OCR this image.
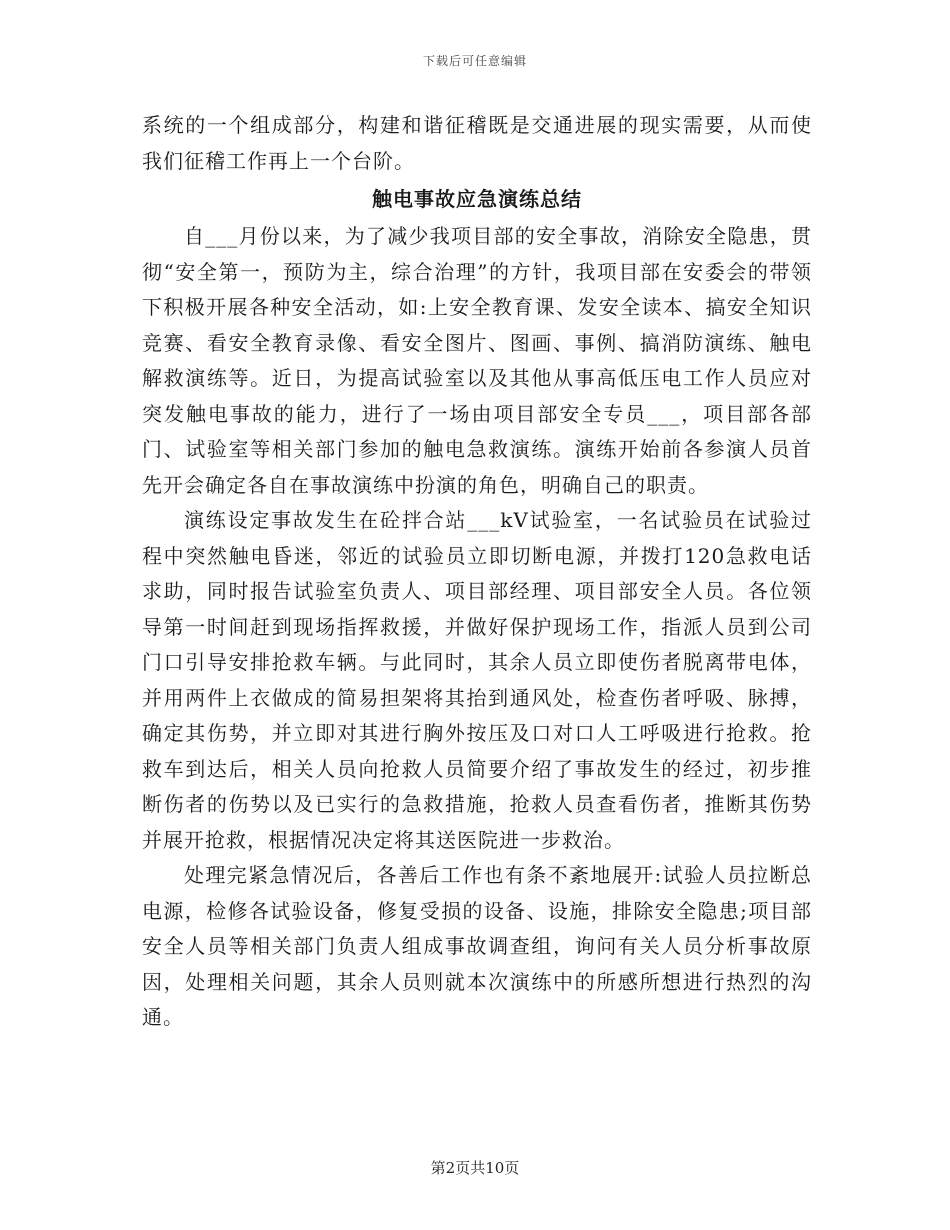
下载后可任意编辑

系统的一个组成部分，构建和谐征稽既是交通进展的现实需要，从而使我们征稽工作再上一个台阶。

触电事故应急演练总结

自___月份以来，为了减少我项目部的安全事故，消除安全隐患，贯彻“安全第一，预防为主，综合治理”的方针，我项目部在安委会的带领下积极开展各种安全活动，如:上安全教育课、发安全读本、搞安全知识竞赛、看安全教育录像、看安全图片、图画、事例、搞消防演练、触电解救演练等。近日，为提高试验室以及其他从事高低压电工作人员应对突发触电事故的能力，进行了一场由项目部安全专员___，项目部各部门、试验室等相关部门参加的触电急救演练。演练开始前各参演人员首先开会确定各自在事故演练中扮演的角色，明确自己的职责。

演练设定事故发生在砼拌合站___kV试验室，一名试验员在试验过程中突然触电昏迷，邻近的试验员立即切断电源，并拨打120急救电话求助，同时报告试验室负责人、项目部经理、项目部安全人员。各位领导第一时间赶到现场指挥救援，并做好保护现场工作，指派人员到公司门口引导安排抢救车辆。与此同时，其余人员立即使伤者脱离带电体，并用两件上衣做成的简易担架将其抬到通风处，检查伤者呼吸、脉搏，确定其伤势，并立即对其进行胸外按压及口对口人工呼吸进行抢救。抢救车到达后，相关人员向抢救人员简要介绍了事故发生的经过，初步推断伤者的伤势以及已实行的急救措施，抢救人员查看伤者，推断其伤势并展开抢救，根据情况决定将其送医院进一步救治。

处理完紧急情况后，各善后工作也有条不紊地展开:试验人员拉断总电源，检修各试验设备，修复受损的设备、设施，排除安全隐患;项目部安全人员等相关部门负责人组成事故调查组，询问有关人员分析事故原因，处理相关问题，其余人员则就本次演练中的所感所想进行热烈的沟通。

第2页共10页
